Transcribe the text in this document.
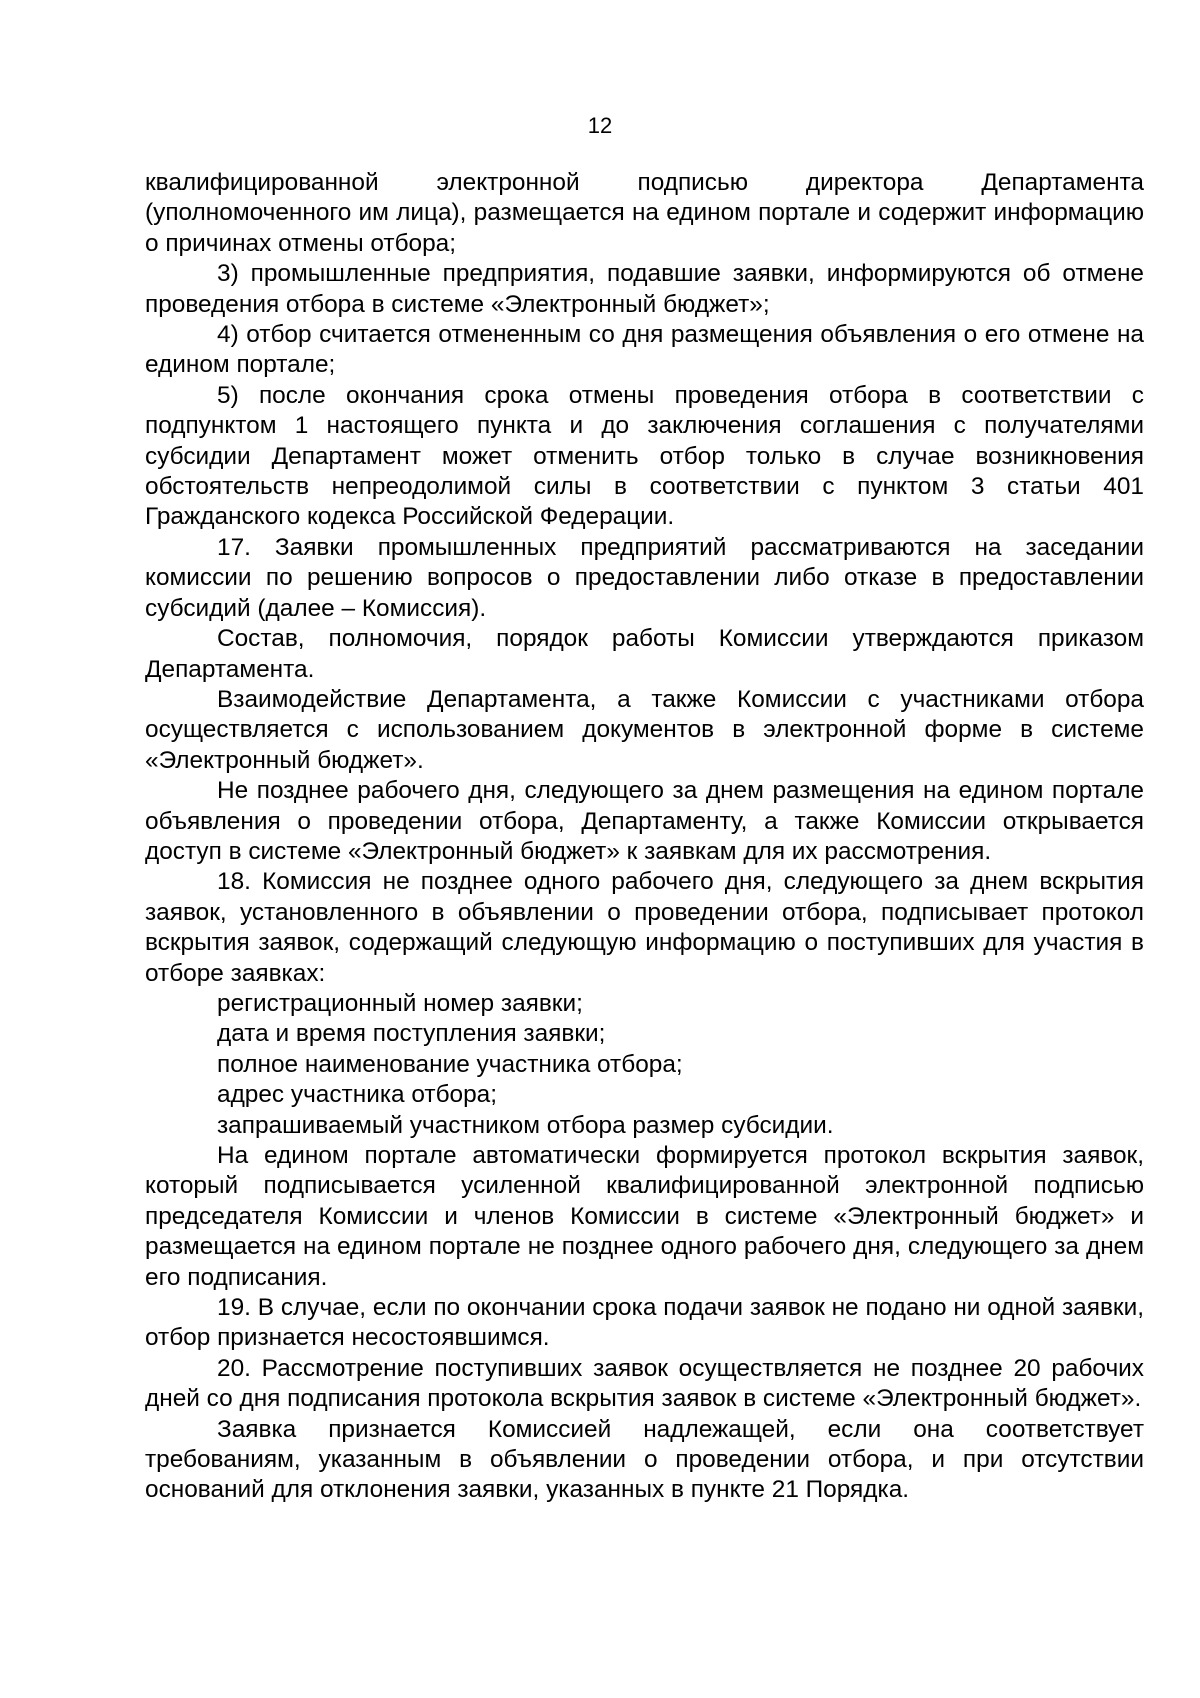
12

квалифицированной электронной подписью директора Департамента (уполномоченного им лица), размещается на едином портале и содержит информацию о причинах отмены отбора;

3) промышленные предприятия, подавшие заявки, информируются об отмене проведения отбора в системе «Электронный бюджет»;

4) отбор считается отмененным со дня размещения объявления о его отмене на едином портале;

5) после окончания срока отмены проведения отбора в соответствии с подпунктом 1 настоящего пункта и до заключения соглашения с получателями субсидии Департамент может отменить отбор только в случае возникновения обстоятельств непреодолимой силы в соответствии с пунктом 3 статьи 401 Гражданского кодекса Российской Федерации.

17. Заявки промышленных предприятий рассматриваются на заседании комиссии по решению вопросов о предоставлении либо отказе в предоставлении субсидий (далее – Комиссия).

Состав, полномочия, порядок работы Комиссии утверждаются приказом Департамента.

Взаимодействие Департамента, а также Комиссии с участниками отбора осуществляется с использованием документов в электронной форме в системе «Электронный бюджет».

Не позднее рабочего дня, следующего за днем размещения на едином портале объявления о проведении отбора, Департаменту, а также Комиссии открывается доступ в системе «Электронный бюджет» к заявкам для их рассмотрения.

18. Комиссия не позднее одного рабочего дня, следующего за днем вскрытия заявок, установленного в объявлении о проведении отбора, подписывает протокол вскрытия заявок, содержащий следующую информацию о поступивших для участия в отборе заявках:

регистрационный номер заявки;

дата и время поступления заявки;

полное наименование участника отбора;

адрес участника отбора;

запрашиваемый участником отбора размер субсидии.

На едином портале автоматически формируется протокол вскрытия заявок, который подписывается усиленной квалифицированной электронной подписью председателя Комиссии и членов Комиссии в системе «Электронный бюджет» и размещается на едином портале не позднее одного рабочего дня, следующего за днем его подписания.

19. В случае, если по окончании срока подачи заявок не подано ни одной заявки, отбор признается несостоявшимся.

20. Рассмотрение поступивших заявок осуществляется не позднее 20 рабочих дней со дня подписания протокола вскрытия заявок в системе «Электронный бюджет».

Заявка признается Комиссией надлежащей, если она соответствует требованиям, указанным в объявлении о проведении отбора, и при отсутствии оснований для отклонения заявки, указанных в пункте 21 Порядка.
